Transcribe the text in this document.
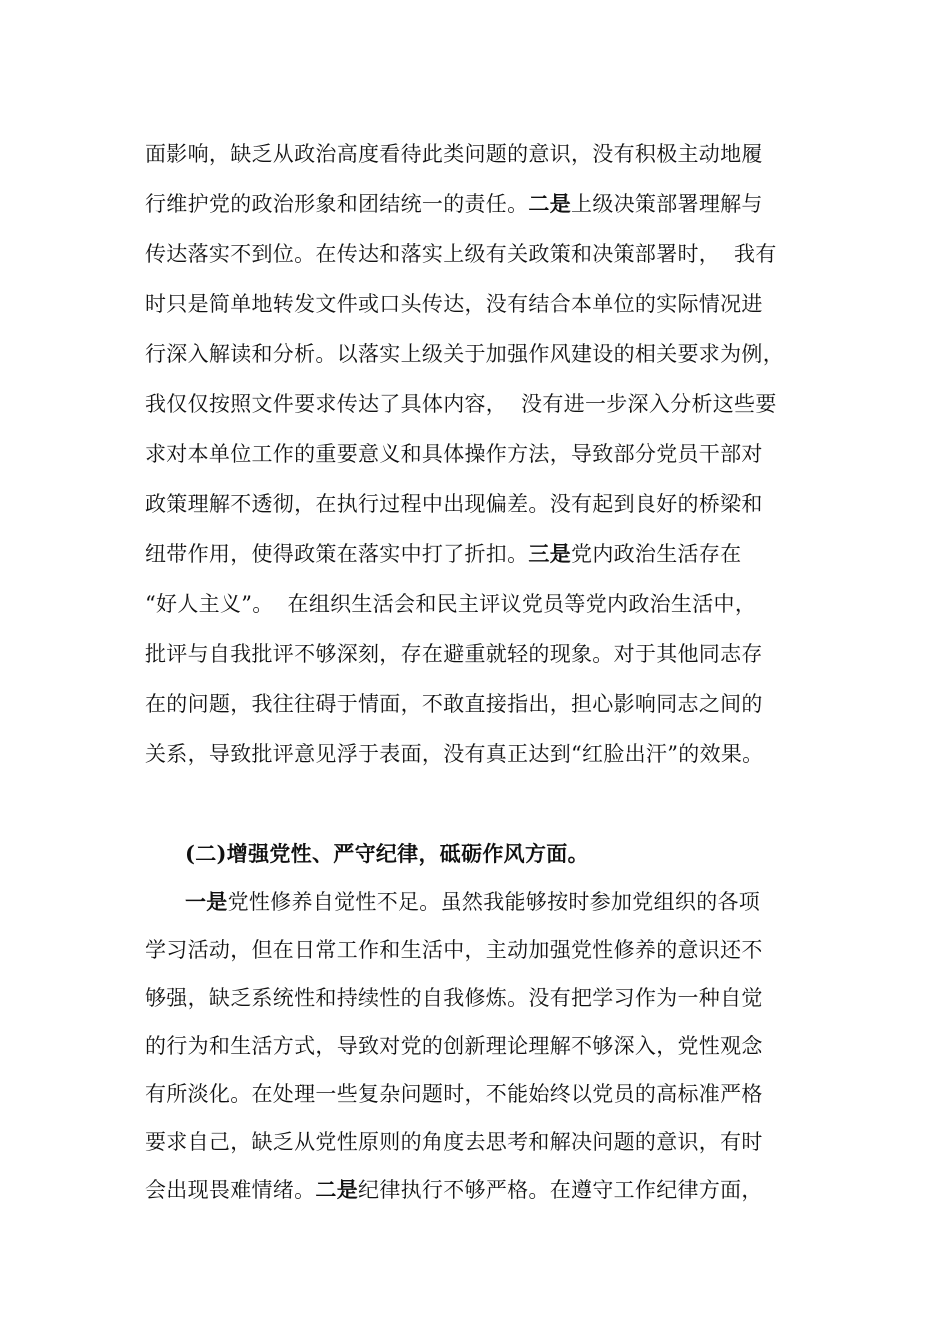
面影响，缺乏从政治高度看待此类问题的意识，没有积极主动地履
行维护党的政治形象和团结统一的责任。二是上级决策部署理解与
传达落实不到位。在传达和落实上级有关政策和决策部署时，  我有
时只是简单地转发文件或口头传达，没有结合本单位的实际情况进
行深入解读和分析。以落实上级关于加强作风建设的相关要求为例，
我仅仅按照文件要求传达了具体内容，  没有进一步深入分析这些要
求对本单位工作的重要意义和具体操作方法，导致部分党员干部对
政策理解不透彻，在执行过程中出现偏差。没有起到良好的桥梁和
纽带作用，使得政策在落实中打了折扣。三是党内政治生活存在
“好人主义”。  在组织生活会和民主评议党员等党内政治生活中，
批评与自我批评不够深刻，存在避重就轻的现象。对于其他同志存
在的问题，我往往碍于情面，不敢直接指出，担心影响同志之间的
关系，导致批评意见浮于表面，没有真正达到“红脸出汗”的效果。
(二)增强党性、严守纪律，砥砺作风方面。
一是党性修养自觉性不足。虽然我能够按时参加党组织的各项
学习活动，但在日常工作和生活中，主动加强党性修养的意识还不
够强，缺乏系统性和持续性的自我修炼。没有把学习作为一种自觉
的行为和生活方式，导致对党的创新理论理解不够深入，党性观念
有所淡化。在处理一些复杂问题时，不能始终以党员的高标准严格
要求自己，缺乏从党性原则的角度去思考和解决问题的意识，有时
会出现畏难情绪。二是纪律执行不够严格。在遵守工作纪律方面，
